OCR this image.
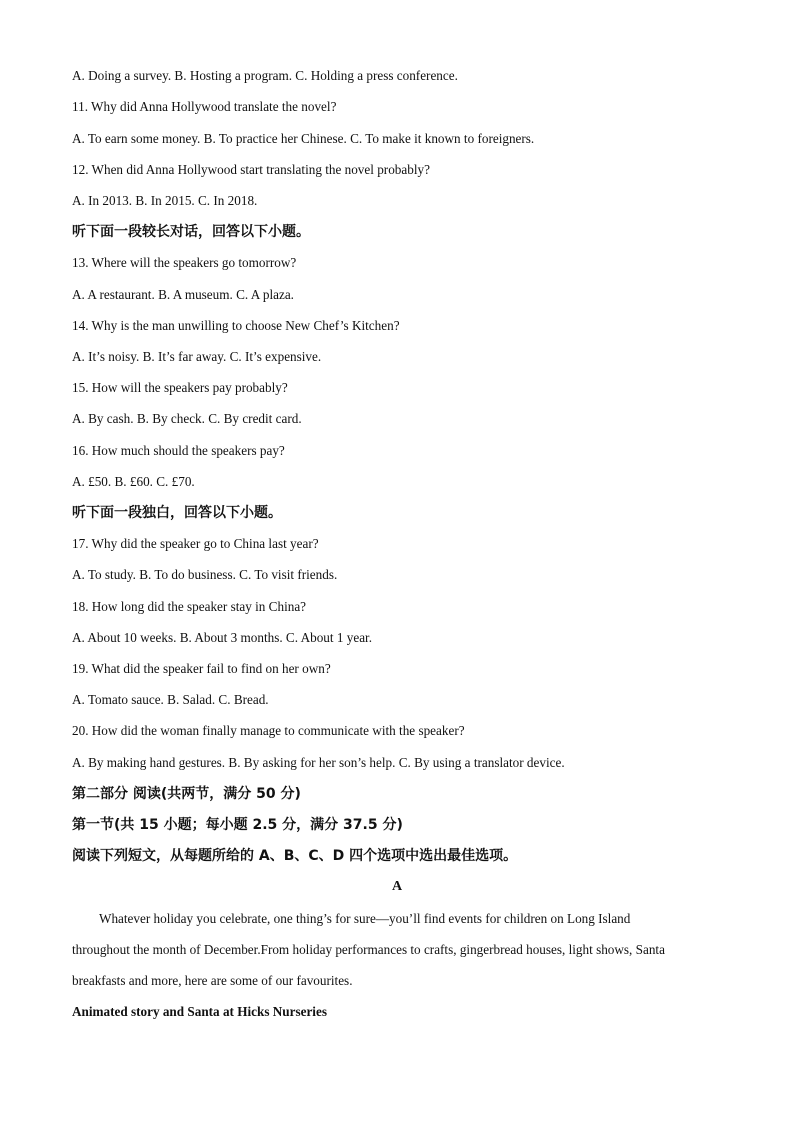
A. Doing a survey. B. Hosting a program. C. Holding a press conference.
11. Why did Anna Hollywood translate the novel?
A. To earn some money. B. To practice her Chinese. C. To make it known to foreigners.
12. When did Anna Hollywood start translating the novel probably?
A. In 2013. B. In 2015. C. In 2018.
听下面一段较长对话，回答以下小题。
13. Where will the speakers go tomorrow?
A. A restaurant. B. A museum. C. A plaza.
14. Why is the man unwilling to choose New Chef’s Kitchen?
A. It’s noisy. B. It’s far away. C. It’s expensive.
15. How will the speakers pay probably?
A. By cash. B. By check. C. By credit card.
16. How much should the speakers pay?
A. £50. B. £60. C. £70.
听下面一段独白，回答以下小题。
17. Why did the speaker go to China last year?
A. To study. B. To do business. C. To visit friends.
18. How long did the speaker stay in China?
A. About 10 weeks. B. About 3 months. C. About 1 year.
19. What did the speaker fail to find on her own?
A. Tomato sauce. B. Salad. C. Bread.
20. How did the woman finally manage to communicate with the speaker?
A. By making hand gestures. B. By asking for her son’s help. C. By using a translator device.
第二部分 阅读(共两节，满分 50 分)
第一节(共 15 小题；每小题 2.5 分，满分 37.5 分)
阅读下列短文，从每题所给的 A、B、C、D 四个选项中选出最佳选项。
A
Whatever holiday you celebrate, one thing’s for sure—you’ll find events for children on Long Island
throughout the month of December.From holiday performances to crafts, gingerbread houses, light shows, Santa
breakfasts and more, here are some of our favourites.
Animated story and Santa at Hicks Nurseries
